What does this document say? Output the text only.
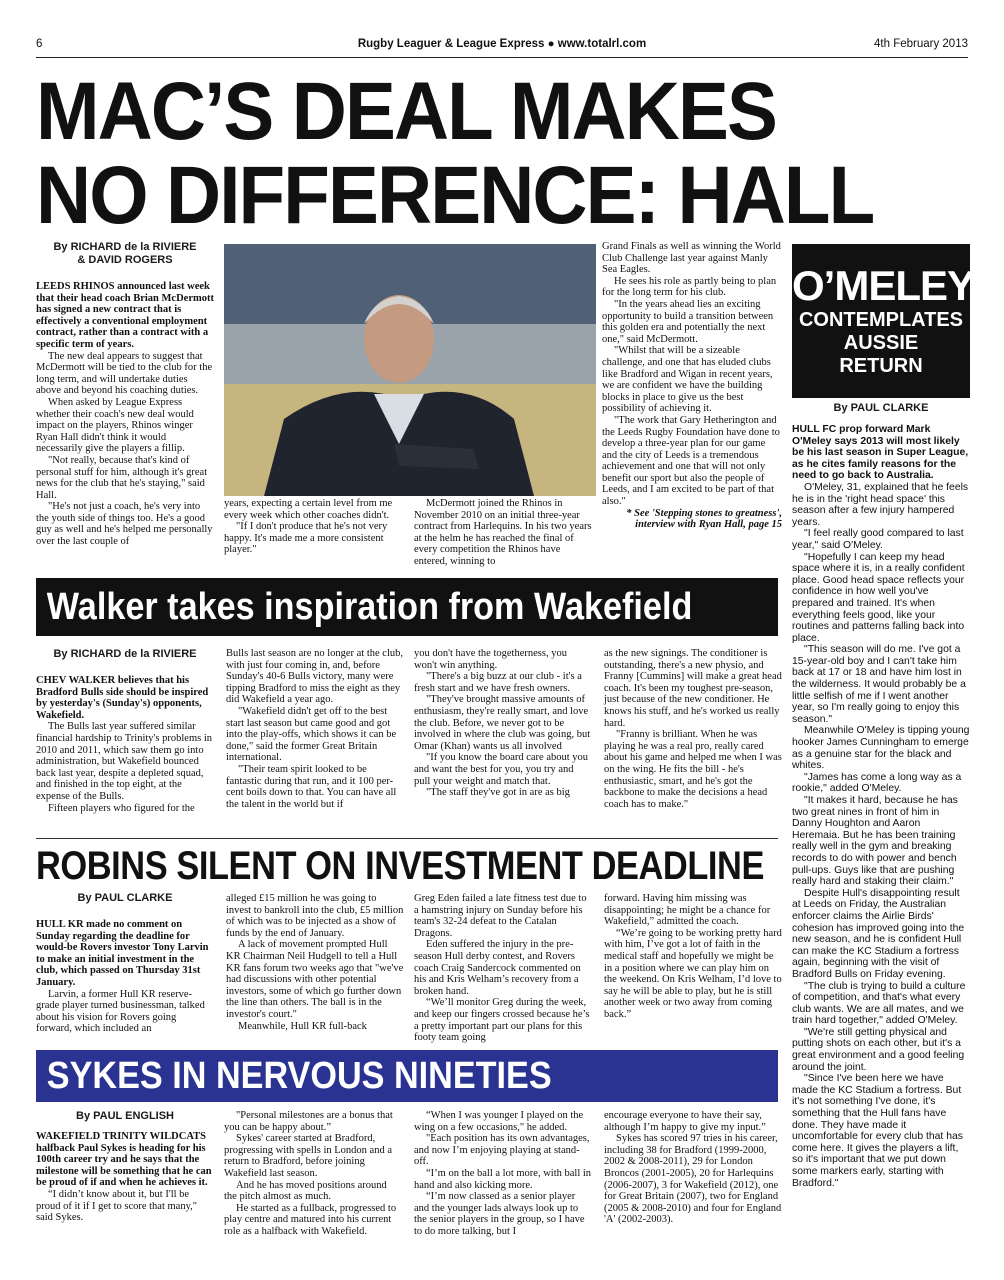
6	Rugby Leaguer & League Express ● www.totalrl.com	4th February 2013
MAC’S DEAL MAKES
NO DIFFERENCE: HALL
By RICHARD de la RIVIERE
& DAVID ROGERS

LEEDS RHINOS announced last week that their head coach Brian McDermott has signed a new contract that is effectively a conventional employment contract, rather than a contract with a specific term of years.

The new deal appears to suggest that McDermott will be tied to the club for the long term, and will undertake duties above and beyond his coaching duties.

When asked by League Express whether their coach's new deal would impact on the players, Rhinos winger Ryan Hall didn't think it would necessarily give the players a fillip.

"Not really, because that's kind of personal stuff for him, although it's great news for the club that he's staying," said Hall.

"He's not just a coach, he's very into the youth side of things too. He's a good guy as well and he's helped me personally over the last couple of

years, expecting a certain level from me every week which other coaches didn't.

"If I don't produce that he's not very happy. It's made me a more consistent player."

McDermott joined the Rhinos in November 2010 on an initial three-year contract from Harlequins. In his two years at the helm he has reached the final of every competition the Rhinos have entered, winning to

Grand Finals as well as winning the World Club Challenge last year against Manly Sea Eagles.

He sees his role as partly being to plan for the long term for his club.

"In the years ahead lies an exciting opportunity to build a transition between this golden era and potentially the next one," said McDermott.

"Whilst that will be a sizeable challenge, and one that has eluded clubs like Bradford and Wigan in recent years, we are confident we have the building blocks in place to give us the best possibility of achieving it.

"The work that Gary Hetherington and the Leeds Rugby Foundation have done to develop a three-year plan for our game and the city of Leeds is a tremendous achievement and one that will not only benefit our sport but also the people of Leeds, and I am excited to be part of that also."

* See 'Stepping stones to greatness', interview with Ryan Hall, page 15

Walker takes inspiration from Wakefield
By RICHARD de la RIVIERE

CHEV WALKER believes that his Bradford Bulls side should be inspired by yesterday's (Sunday's) opponents, Wakefield.

The Bulls last year suffered similar financial hardship to Trinity's problems in 2010 and 2011, which saw them go into administration, but Wakefield bounced back last year, despite a depleted squad, and finished in the top eight, at the expense of the Bulls.

Fifteen players who figured for the

Bulls last season are no longer at the club, with just four coming in, and, before Sunday's 40-6 Bulls victory, many were tipping Bradford to miss the eight as they did Wakefield a year ago.

"Wakefield didn't get off to the best start last season but came good and got into the play-offs, which shows it can be done," said the former Great Britain international.

"Their team spirit looked to be fantastic during that run, and it 100 per-cent boils down to that. You can have all the talent in the world but if

you don't have the togetherness, you won't win anything.

"There's a big buzz at our club - it's a fresh start and we have fresh owners.

"They've brought massive amounts of enthusiasm, they're really smart, and love the club. Before, we never got to be involved in where the club was going, but Omar (Khan) wants us all involved

"If you know the board care about you and want the best for you, you try and pull your weight and match that.

"The staff they've got in are as big

as the new signings. The conditioner is outstanding, there's a new physio, and Franny [Cummins] will make a great head coach. It's been my toughest pre-season, just because of the new conditioner. He knows his stuff, and he's worked us really hard.

"Franny is brilliant. When he was playing he was a real pro, really cared about his game and helped me when I was on the wing. He fits the bill - he's enthusiastic, smart, and he's got the backbone to make the decisions a head coach has to make."

ROBINS SILENT ON INVESTMENT DEADLINE
By PAUL CLARKE

HULL KR made no comment on Sunday regarding the deadline for would-be Rovers investor Tony Larvin to make an initial investment in the club, which passed on Thursday 31st January.

Larvin, a former Hull KR reserve-grade player turned businessman, talked about his vision for Rovers going forward, which included an

alleged £15 million he was going to invest to bankroll into the club, £5 million of which was to be injected as a show of funds by the end of January.

A lack of movement prompted Hull KR Chairman Neil Hudgell to tell a Hull KR fans forum two weeks ago that "we've had discussions with other potential investors, some of which go further down the line than others. The ball is in the investor's court."

Meanwhile, Hull KR full-back

Greg Eden failed a late fitness test due to a hamstring injury on Sunday before his team's 32-24 defeat to the Catalan Dragons.

Eden suffered the injury in the pre-season Hull derby contest, and Rovers coach Craig Sandercock commented on his and Kris Welham’s recovery from a broken hand.

“We’ll monitor Greg during the week, and keep our fingers crossed because he’s a pretty important part our plans for this footy team going

forward. Having him missing was disappointing; he might be a chance for Wakefield,” admitted the coach.

“We’re going to be working pretty hard with him, I’ve got a lot of faith in the medical staff and hopefully we might be in a position where we can play him on the weekend. On Kris Welham, I’d love to say he will be able to play, but he is still another week or two away from coming back.”

SYKES IN NERVOUS NINETIES
By PAUL ENGLISH

WAKEFIELD TRINITY WILDCATS halfback Paul Sykes is heading for his 100th career try and he says that the milestone will be something that he can be proud of if and when he achieves it.

“I didn’t know about it, but I'll be proud of it if I get to score that many," said Sykes.

"Personal milestones are a bonus that you can be happy about.”

Sykes' career started at Bradford, progressing with spells in London and a return to Bradford, before joining Wakefield last season.

And he has moved positions around the pitch almost as much.

He started as a fullback, progressed to play centre and matured into his current role as a halfback with Wakefield.

“When I was younger I played on the wing on a few occasions," he added.

"Each position has its own advantages, and now I’m enjoying playing at stand-off.

“I’m on the ball a lot more, with ball in hand and also kicking more.

“I’m now classed as a senior player and the younger lads always look up to the senior players in the group, so I have to do more talking, but I

encourage everyone to have their say, although I’m happy to give my input.”

Sykes has scored 97 tries in his career, including 38 for Bradford (1999-2000, 2002 & 2008-2011), 29 for London Broncos (2001-2005), 20 for Harlequins (2006-2007), 3 for Wakefield (2012), one for Great Britain (2007), two for England (2005 & 2008-2010) and four for England 'A' (2002-2003).

O’MELEY
CONTEMPLATES
AUSSIE
RETURN
By PAUL CLARKE

HULL FC prop forward Mark O'Meley says 2013 will most likely be his last season in Super League, as he cites family reasons for the need to go back to Australia.

O'Meley, 31, explained that he feels he is in the 'right head space' this season after a few injury hampered years.

"I feel really good compared to last year," said O'Meley.

"Hopefully I can keep my head space where it is, in a really confident place. Good head space reflects your confidence in how well you've prepared and trained. It's when everything feels good, like your routines and patterns falling back into place.

"This season will do me. I've got a 15-year-old boy and I can't take him back at 17 or 18 and have him lost in the wilderness. It would probably be a little selfish of me if I went another year, so I'm really going to enjoy this season."

Meanwhile O'Meley is tipping young hooker James Cunningham to emerge as a genuine star for the black and whites.

"James has come a long way as a rookie," added O'Meley.

"It makes it hard, because he has two great nines in front of him in Danny Houghton and Aaron Heremaia. But he has been training really well in the gym and breaking records to do with power and bench pull-ups. Guys like that are pushing really hard and staking their claim."

Despite Hull's disappointing result at Leeds on Friday, the Australian enforcer claims the Airlie Birds' cohesion has improved going into the new season, and he is confident Hull can make the KC Stadium a fortress again, beginning with the visit of Bradford Bulls on Friday evening.

"The club is trying to build a culture of competition, and that's what every club wants. We are all mates, and we train hard together," added O'Meley.

"We're still getting physical and putting shots on each other, but it's a great environment and a good feeling around the joint.

"Since I've been here we have made the KC Stadium a fortress. But it's not something I've done, it's something that the Hull fans have done. They have made it uncomfortable for every club that has come here. It gives the players a lift, so it's important that we put down some markers early, starting with Bradford."
